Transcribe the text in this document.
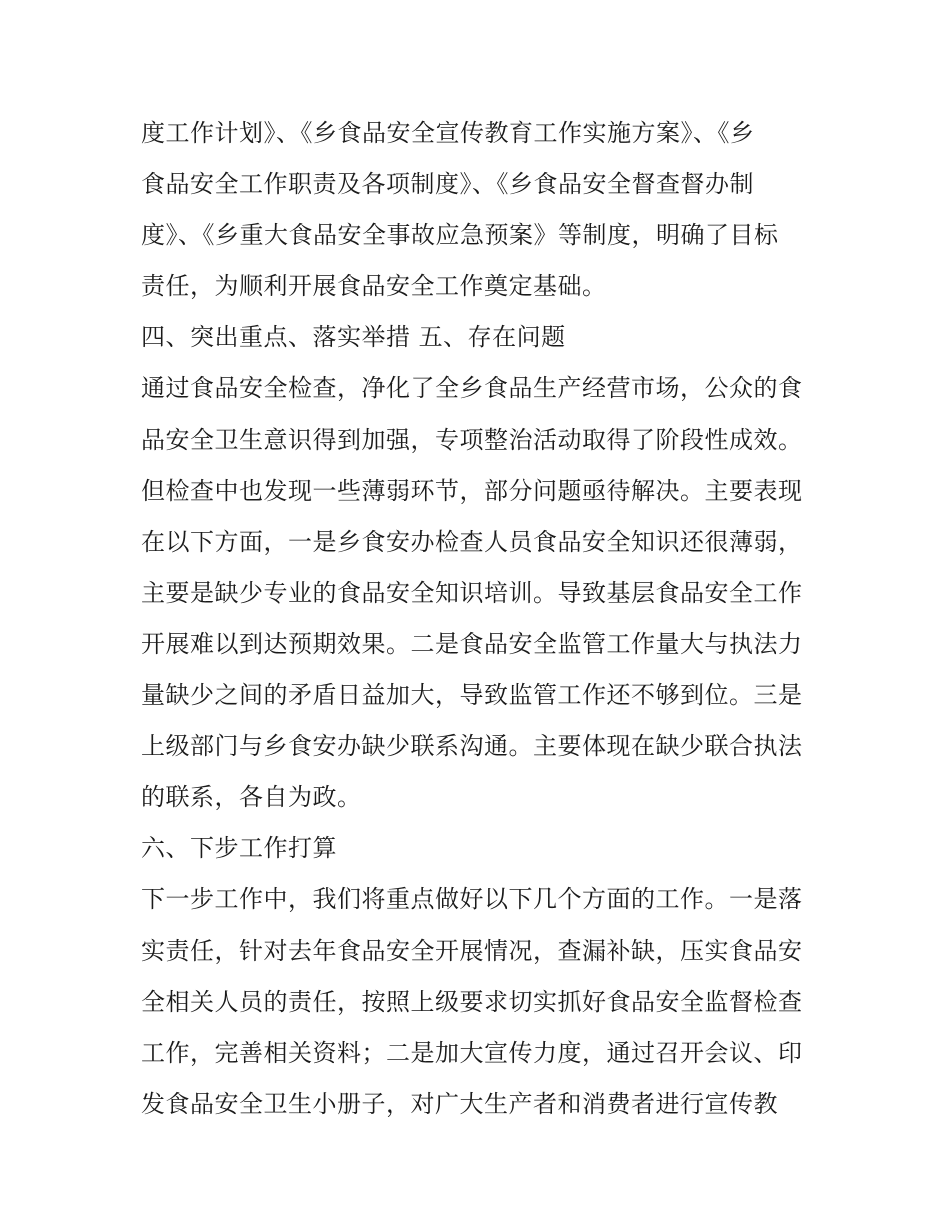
度工作计划》、《乡食品安全宣传教育工作实施方案》、《乡
食品安全工作职责及各项制度》、《乡食品安全督查督办制
度》、《乡重大食品安全事故应急预案》等制度，明确了目标
责任，为顺利开展食品安全工作奠定基础。
四、突出重点、落实举措 五、存在问题
通过食品安全检查，净化了全乡食品生产经营市场，公众的食
品安全卫生意识得到加强，专项整治活动取得了阶段性成效。
但检查中也发现一些薄弱环节，部分问题亟待解决。主要表现
在以下方面，一是乡食安办检查人员食品安全知识还很薄弱，
主要是缺少专业的食品安全知识培训。导致基层食品安全工作
开展难以到达预期效果。二是食品安全监管工作量大与执法力
量缺少之间的矛盾日益加大，导致监管工作还不够到位。三是
上级部门与乡食安办缺少联系沟通。主要体现在缺少联合执法
的联系，各自为政。
六、下步工作打算
下一步工作中，我们将重点做好以下几个方面的工作。一是落
实责任，针对去年食品安全开展情况，查漏补缺，压实食品安
全相关人员的责任，按照上级要求切实抓好食品安全监督检查
工作，完善相关资料；二是加大宣传力度，通过召开会议、印
发食品安全卫生小册子，对广大生产者和消费者进行宣传教
